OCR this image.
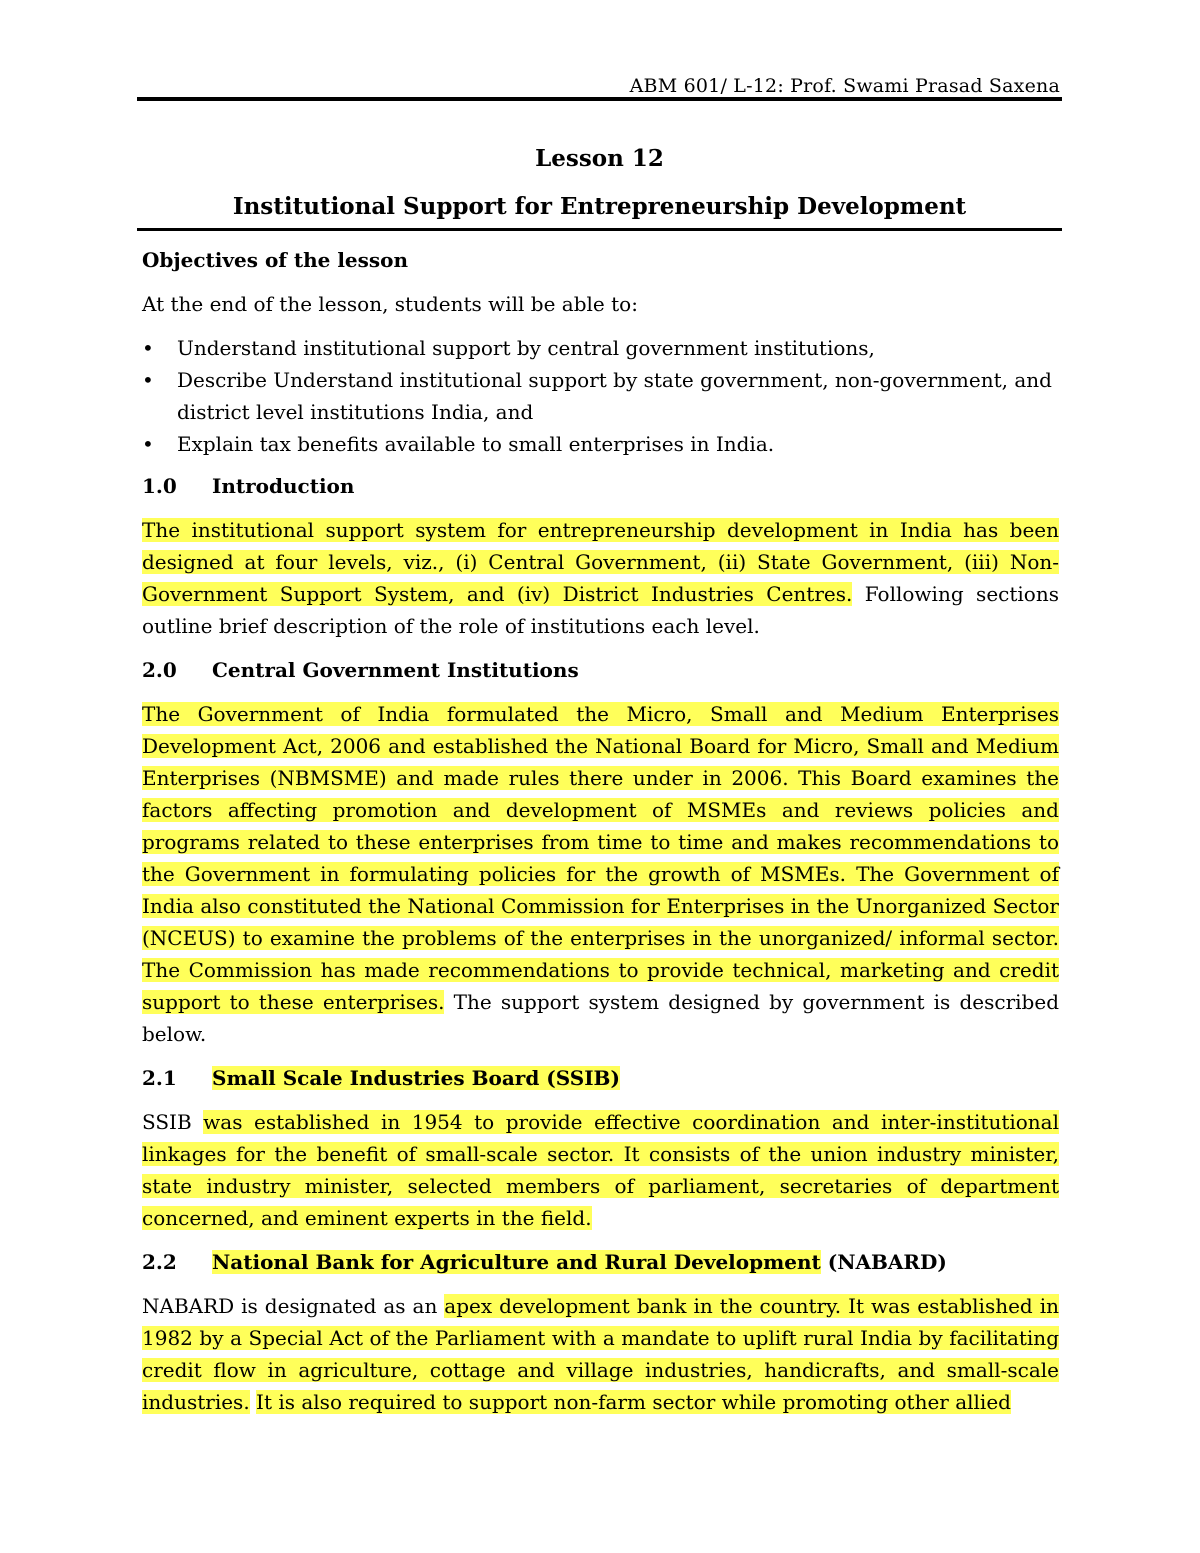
ABM 601/ L-12: Prof. Swami Prasad Saxena
Lesson 12
Institutional Support for Entrepreneurship Development

Objectives of the lesson

At the end of the lesson, students will be able to:

• Understand institutional support by central government institutions,
• Describe Understand institutional support by state government, non-government, and district level institutions India, and
• Explain tax benefits available to small enterprises in India.
1.0 Introduction

The institutional support system for entrepreneurship development in India has been designed at four levels, viz., (i) Central Government, (ii) State Government, (iii) Non-Government Support System, and (iv) District Industries Centres. Following sections outline brief description of the role of institutions each level.

2.0 Central Government Institutions

The Government of India formulated the Micro, Small and Medium Enterprises Development Act, 2006 and established the National Board for Micro, Small and Medium Enterprises (NBMSME) and made rules there under in 2006. This Board examines the factors affecting promotion and development of MSMEs and reviews policies and programs related to these enterprises from time to time and makes recommendations to the Government in formulating policies for the growth of MSMEs. The Government of India also constituted the National Commission for Enterprises in the Unorganized Sector (NCEUS) to examine the problems of the enterprises in the unorganized/ informal sector. The Commission has made recommendations to provide technical, marketing and credit support to these enterprises. The support system designed by government is described below.

2.1 Small Scale Industries Board (SSIB)

SSIB was established in 1954 to provide effective coordination and inter-institutional linkages for the benefit of small-scale sector. It consists of the union industry minister, state industry minister, selected members of parliament, secretaries of department concerned, and eminent experts in the field.

2.2 National Bank for Agriculture and Rural Development (NABARD)

NABARD is designated as an apex development bank in the country. It was established in 1982 by a Special Act of the Parliament with a mandate to uplift rural India by facilitating credit flow in agriculture, cottage and village industries, handicrafts, and small-scale industries. It is also required to support non-farm sector while promoting other allied
